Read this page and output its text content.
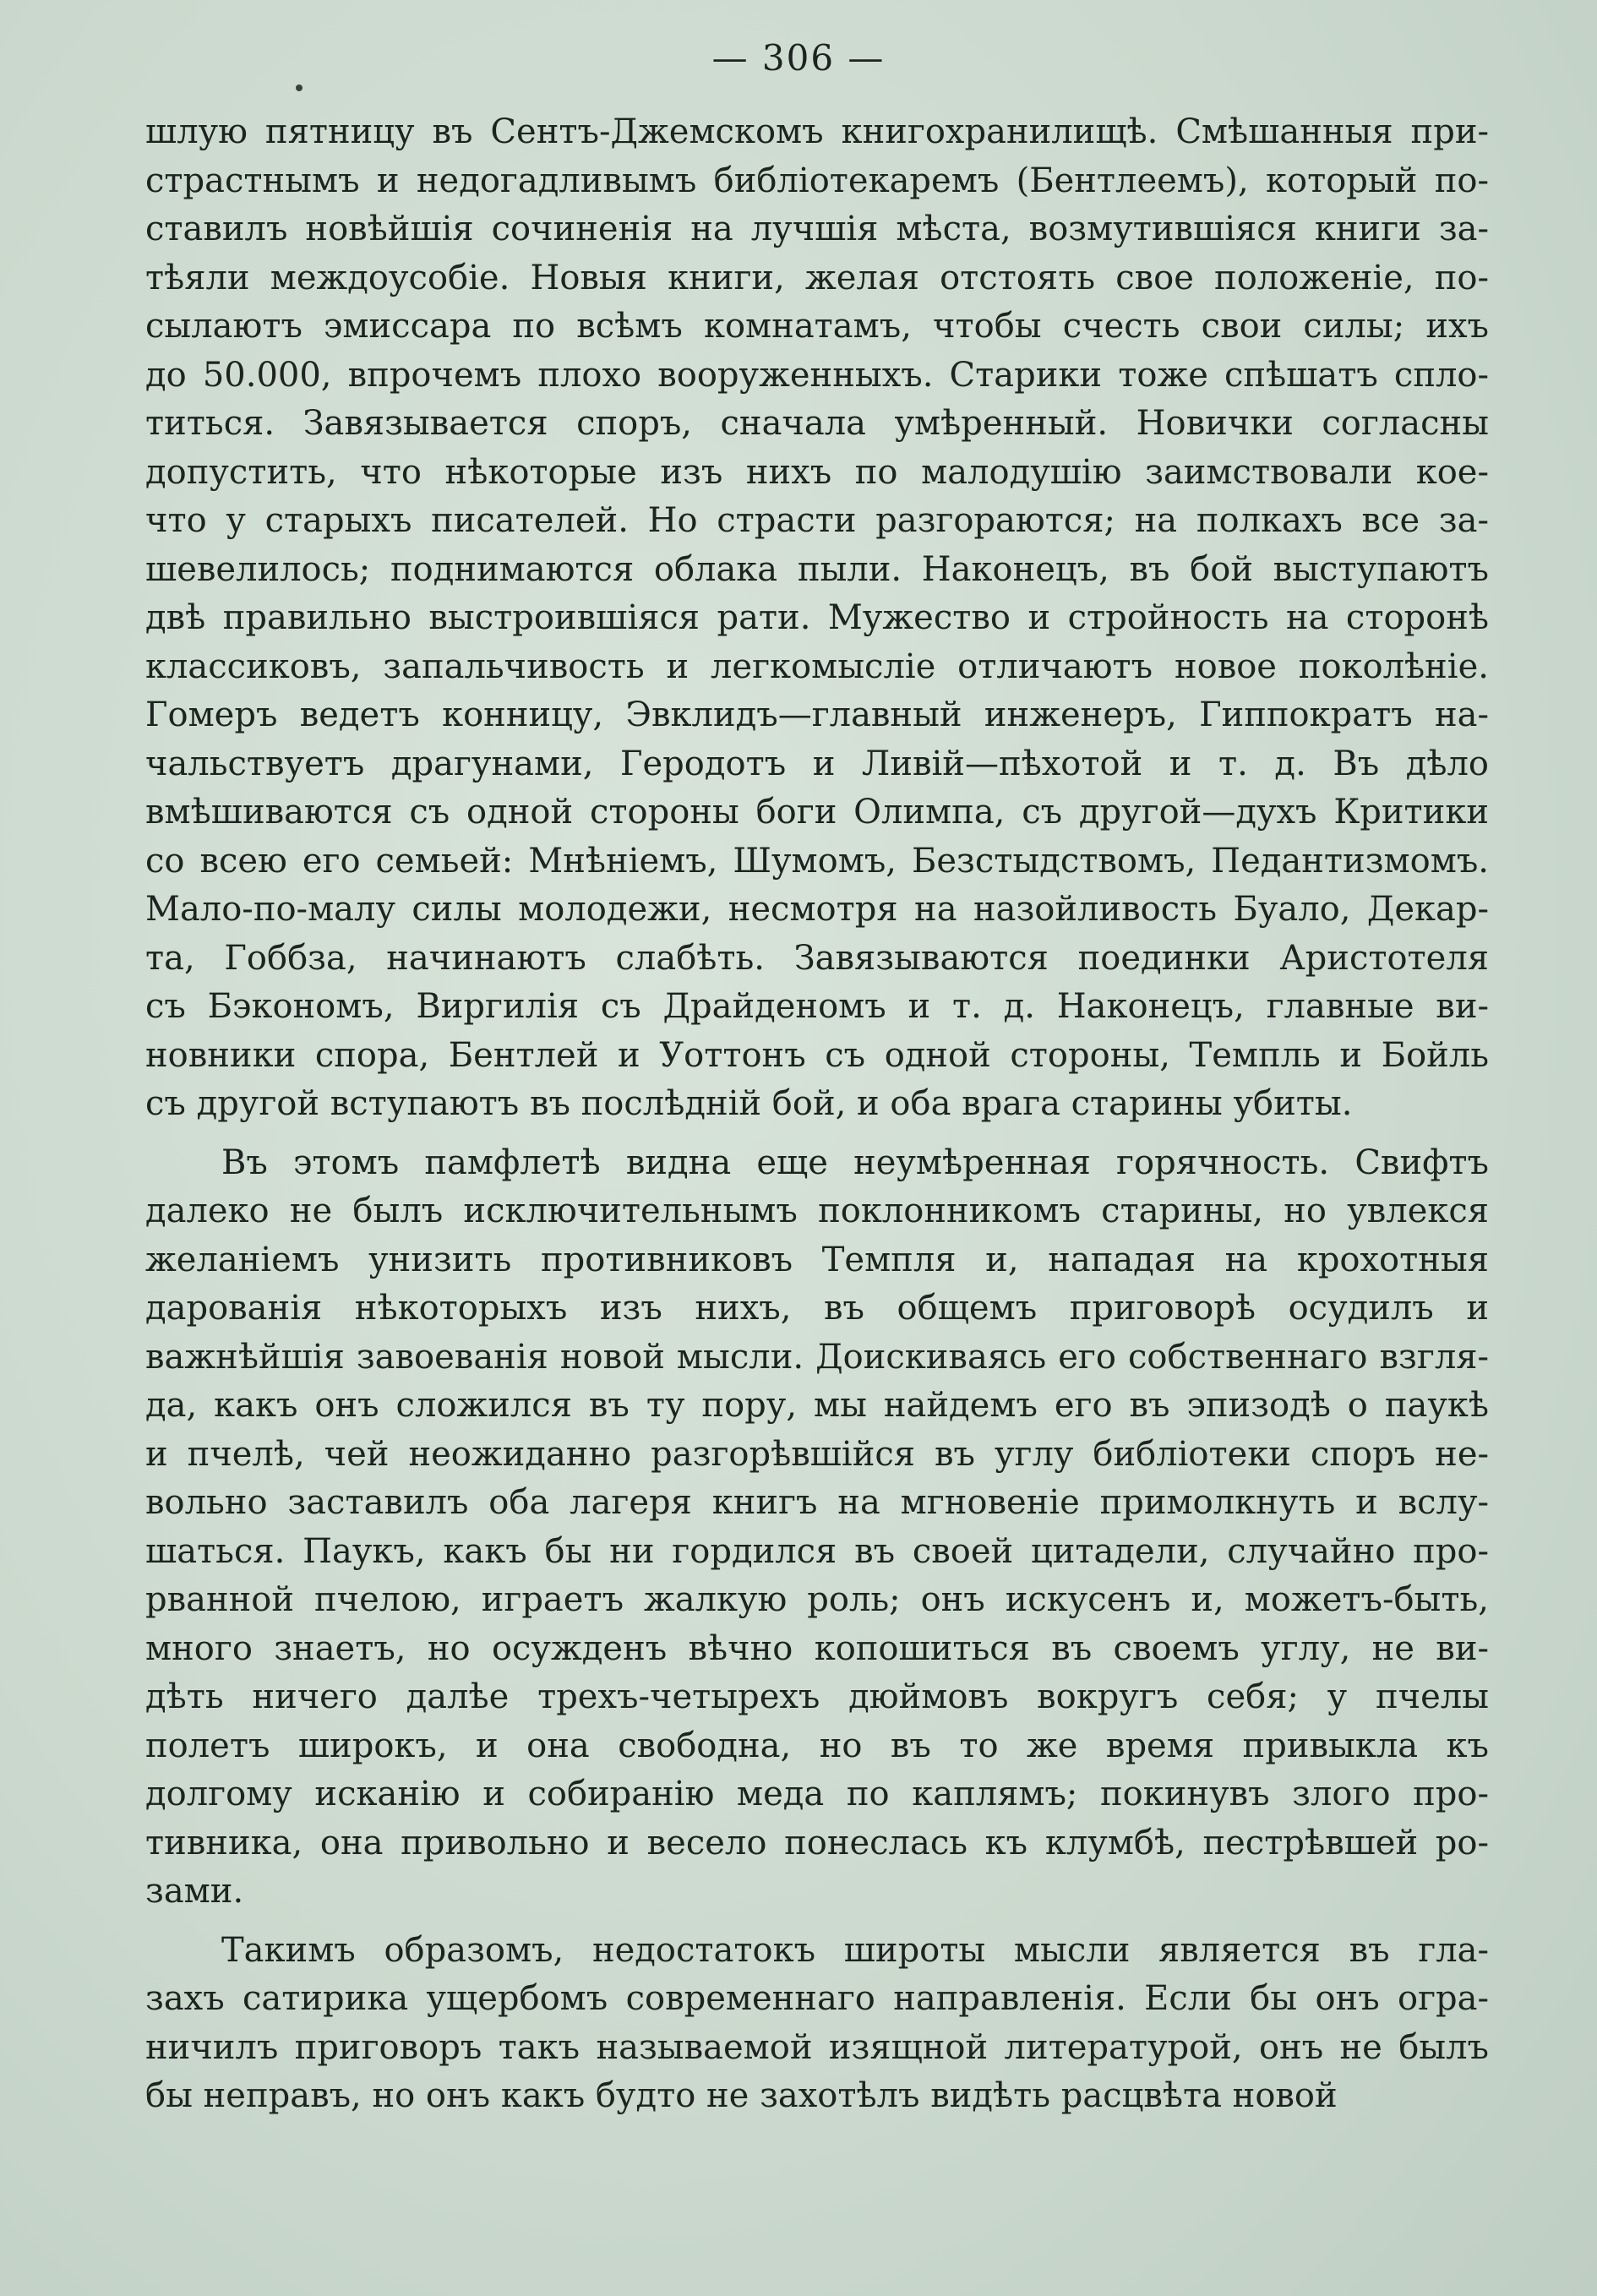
— 306 —
шлую пятницу въ Сентъ-Джемскомъ книгохранилищѣ. Смѣшанныя при-
страстнымъ и недогадливымъ библіотекаремъ (Бентлеемъ), который по-
ставилъ новѣйшія сочиненія на лучшія мѣста, возмутившіяся книги за-
тѣяли междоусобіе. Новыя книги, желая отстоять свое положеніе, по-
сылаютъ эмиссара по всѣмъ комнатамъ, чтобы счесть свои силы; ихъ
до 50.000, впрочемъ плохо вооруженныхъ. Старики тоже спѣшатъ спло-
титься. Завязывается споръ, сначала умѣренный. Новички согласны
допустить, что нѣкоторые изъ нихъ по малодушію заимствовали кое-
что у старыхъ писателей. Но страсти разгораются; на полкахъ все за-
шевелилось; поднимаются облака пыли. Наконецъ, въ бой выступаютъ
двѣ правильно выстроившіяся рати. Мужество и стройность на сторонѣ
классиковъ, запальчивость и легкомысліе отличаютъ новое поколѣніе.
Гомеръ ведетъ конницу, Эвклидъ—главный инженеръ, Гиппократъ на-
чальствуетъ драгунами, Геродотъ и Ливій—пѣхотой и т. д. Въ дѣло
вмѣшиваются съ одной стороны боги Олимпа, съ другой—духъ Критики
со всею его семьей: Мнѣніемъ, Шумомъ, Безстыдствомъ, Педантизмомъ.
Мало-по-малу силы молодежи, несмотря на назойливость Буало, Декар-
та, Гоббза, начинаютъ слабѣть. Завязываются поединки Аристотеля
съ Бэкономъ, Виргилія съ Драйденомъ и т. д. Наконецъ, главные ви-
новники спора, Бентлей и Уоттонъ съ одной стороны, Темпль и Бойль
съ другой вступаютъ въ послѣдній бой, и оба врага старины убиты.
Въ этомъ памфлетѣ видна еще неумѣренная горячность. Свифтъ
далеко не былъ исключительнымъ поклонникомъ старины, но увлекся
желаніемъ унизить противниковъ Темпля и, нападая на крохотныя
дарованія нѣкоторыхъ изъ нихъ, въ общемъ приговорѣ осудилъ и
важнѣйшія завоеванія новой мысли. Доискиваясь его собственнаго взгля-
да, какъ онъ сложился въ ту пору, мы найдемъ его въ эпизодѣ о паукѣ
и пчелѣ, чей неожиданно разгорѣвшійся въ углу библіотеки споръ не-
вольно заставилъ оба лагеря книгъ на мгновеніе примолкнуть и вслу-
шаться. Паукъ, какъ бы ни гордился въ своей цитадели, случайно про-
рванной пчелою, играетъ жалкую роль; онъ искусенъ и, можетъ-быть,
много знаетъ, но осужденъ вѣчно копошиться въ своемъ углу, не ви-
дѣть ничего далѣе трехъ-четырехъ дюймовъ вокругъ себя; у пчелы
полетъ широкъ, и она свободна, но въ то же время привыкла къ
долгому исканію и собиранію меда по каплямъ; покинувъ злого про-
тивника, она привольно и весело понеслась къ клумбѣ, пестрѣвшей ро-
зами.
Такимъ образомъ, недостатокъ широты мысли является въ гла-
захъ сатирика ущербомъ современнаго направленія. Если бы онъ огра-
ничилъ приговоръ такъ называемой изящной литературой, онъ не былъ
бы неправъ, но онъ какъ будто не захотѣлъ видѣть расцвѣта новой
